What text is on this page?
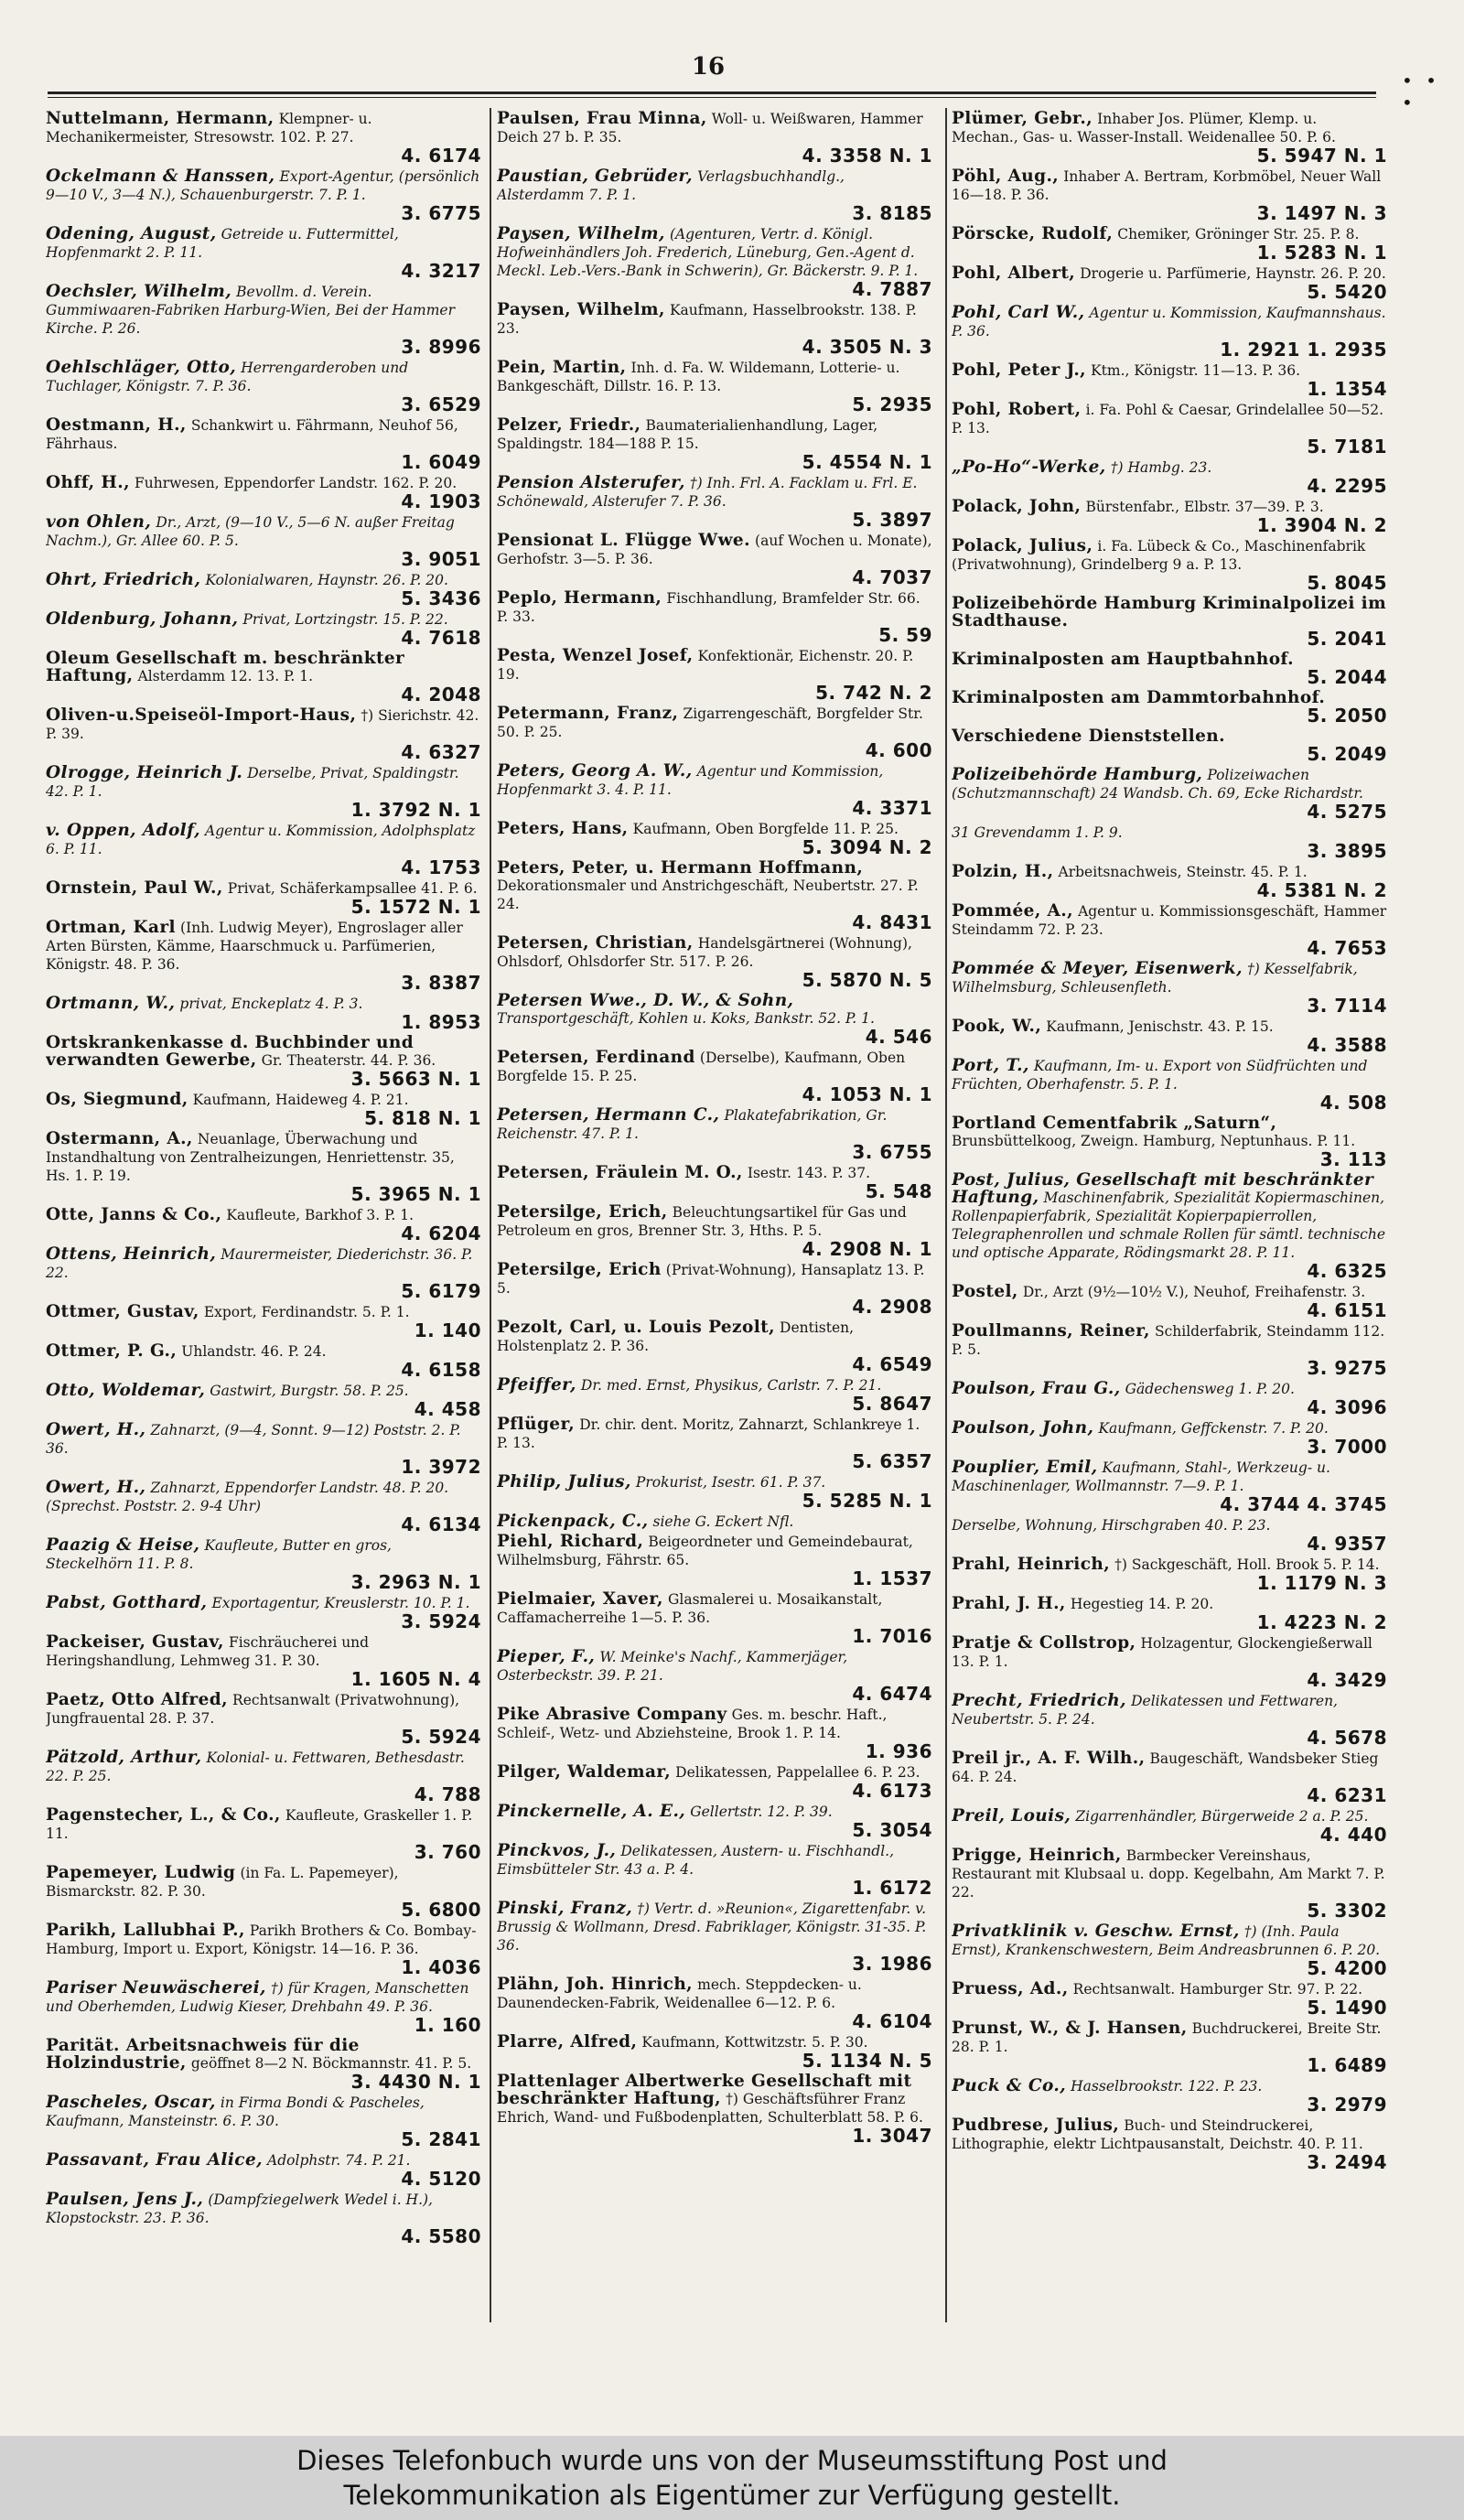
16	• • •
Nuttelmann, Hermann, Klempner- u. Mechanikermeister, Stresowstr. 102. P. 27.
4. 6174
Ockelmann & Hanssen, Export-Agentur, (persönlich 9—10 V., 3—4 N.), Schauenburgerstr. 7. P. 1.
3. 6775
Odening, August, Getreide u. Futtermittel, Hopfenmarkt 2. P. 11.
4. 3217
Oechsler, Wilhelm, Bevollm. d. Verein. Gummiwaaren-Fabriken Harburg-Wien, Bei der Hammer Kirche. P. 26.
3. 8996
Oehlschläger, Otto, Herrengarderoben und Tuchlager, Königstr. 7. P. 36.
3. 6529
Oestmann, H., Schankwirt u. Fährmann, Neuhof 56, Fährhaus.
1. 6049
Ohff, H., Fuhrwesen, Eppendorfer Landstr. 162. P. 20.
4. 1903
von Ohlen, Dr., Arzt, (9—10 V., 5—6 N. außer Freitag Nachm.), Gr. Allee 60. P. 5.
3. 9051
Ohrt, Friedrich, Kolonialwaren, Haynstr. 26. P. 20.
5. 3436
Oldenburg, Johann, Privat, Lortzingstr. 15. P. 22.
4. 7618
Oleum Gesellschaft m. beschränkter Haftung, Alsterdamm 12. 13. P. 1.
4. 2048
Oliven-u.Speiseöl-Import-Haus, †) Sierichstr. 42. P. 39.
4. 6327
Olrogge, Heinrich J. Derselbe, Privat, Spaldingstr. 42. P. 1.
1. 3792 N. 1
v. Oppen, Adolf, Agentur u. Kommission, Adolphsplatz 6. P. 11.
4. 1753
Ornstein, Paul W., Privat, Schäferkampsallee 41. P. 6.
5. 1572 N. 1
Ortman, Karl (Inh. Ludwig Meyer), Engroslager aller Arten Bürsten, Kämme, Haarschmuck u. Parfümerien, Königstr. 48. P. 36.
3. 8387
Ortmann, W., privat, Enckeplatz 4. P. 3.
1. 8953
Ortskrankenkasse d. Buchbinder und verwandten Gewerbe, Gr. Theaterstr. 44. P. 36.
3. 5663 N. 1
Os, Siegmund, Kaufmann, Haideweg 4. P. 21.
5. 818 N. 1
Ostermann, A., Neuanlage, Überwachung und Instandhaltung von Zentralheizungen, Henriettenstr. 35, Hs. 1. P. 19.
5. 3965 N. 1
Otte, Janns & Co., Kaufleute, Barkhof 3. P. 1.
4. 6204
Ottens, Heinrich, Maurermeister, Diederichstr. 36. P. 22.
5. 6179
Ottmer, Gustav, Export, Ferdinandstr. 5. P. 1.
1. 140
Ottmer, P. G., Uhlandstr. 46. P. 24.
4. 6158
Otto, Woldemar, Gastwirt, Burgstr. 58. P. 25.
4. 458
Owert, H., Zahnarzt, (9—4, Sonnt. 9—12) Poststr. 2. P. 36.
1. 3972
Owert, H., Zahnarzt, Eppendorfer Landstr. 48. P. 20. (Sprechst. Poststr. 2. 9-4 Uhr)
4. 6134
Paazig & Heise, Kaufleute, Butter en gros, Steckelhörn 11. P. 8.
3. 2963 N. 1
Pabst, Gotthard, Exportagentur, Kreuslerstr. 10. P. 1.
3. 5924
Packeiser, Gustav, Fischräucherei und Heringshandlung, Lehmweg 31. P. 30.
1. 1605 N. 4
Paetz, Otto Alfred, Rechtsanwalt (Privatwohnung), Jungfrauental 28. P. 37.
5. 5924
Pätzold, Arthur, Kolonial- u. Fettwaren, Bethesdastr. 22. P. 25.
4. 788
Pagenstecher, L., & Co., Kaufleute, Graskeller 1. P. 11.
3. 760
Papemeyer, Ludwig (in Fa. L. Papemeyer), Bismarckstr. 82. P. 30.
5. 6800
Parikh, Lallubhai P., Parikh Brothers & Co. Bombay-Hamburg, Import u. Export, Königstr. 14—16. P. 36.
1. 4036
Pariser Neuwäscherei, †) für Kragen, Manschetten und Oberhemden, Ludwig Kieser, Drehbahn 49. P. 36.
1. 160
Parität. Arbeitsnachweis für die Holzindustrie, geöffnet 8—2 N. Böckmannstr. 41. P. 5.
3. 4430 N. 1
Pascheles, Oscar, in Firma Bondi & Pascheles, Kaufmann, Mansteinstr. 6. P. 30.
5. 2841
Passavant, Frau Alice, Adolphstr. 74. P. 21.
4. 5120
Paulsen, Jens J., (Dampfziegelwerk Wedel i. H.), Klopstockstr. 23. P. 36.
4. 5580
Paulsen, Frau Minna, Woll- u. Weißwaren, Hammer Deich 27 b. P. 35.
4. 3358 N. 1
Paustian, Gebrüder, Verlagsbuchhandlg., Alsterdamm 7. P. 1.
3. 8185
Paysen, Wilhelm, (Agenturen, Vertr. d. Königl. Hofweinhändlers Joh. Frederich, Lüneburg, Gen.-Agent d. Meckl. Leb.-Vers.-Bank in Schwerin), Gr. Bäckerstr. 9. P. 1.
4. 7887
Paysen, Wilhelm, Kaufmann, Hasselbrookstr. 138. P. 23.
4. 3505 N. 3
Pein, Martin, Inh. d. Fa. W. Wildemann, Lotterie- u. Bankgeschäft, Dillstr. 16. P. 13.
5. 2935
Pelzer, Friedr., Baumaterialienhandlung, Lager, Spaldingstr. 184—188 P. 15.
5. 4554 N. 1
Pension Alsterufer, †) Inh. Frl. A. Facklam u. Frl. E. Schönewald, Alsterufer 7. P. 36.
5. 3897
Pensionat L. Flügge Wwe. (auf Wochen u. Monate), Gerhofstr. 3—5. P. 36.
4. 7037
Peplo, Hermann, Fischhandlung, Bramfelder Str. 66. P. 33.
5. 59
Pesta, Wenzel Josef, Konfektionär, Eichenstr. 20. P. 19.
5. 742 N. 2
Petermann, Franz, Zigarrengeschäft, Borgfelder Str. 50. P. 25.
4. 600
Peters, Georg A. W., Agentur und Kommission, Hopfenmarkt 3. 4. P. 11.
4. 3371
Peters, Hans, Kaufmann, Oben Borgfelde 11. P. 25.
5. 3094 N. 2
Peters, Peter, u. Hermann Hoffmann, Dekorationsmaler und Anstrichgeschäft, Neubertstr. 27. P. 24.
4. 8431
Petersen, Christian, Handelsgärtnerei (Wohnung), Ohlsdorf, Ohlsdorfer Str. 517. P. 26.
5. 5870 N. 5
Petersen Wwe., D. W., & Sohn, Transportgeschäft, Kohlen u. Koks, Bankstr. 52. P. 1.
4. 546
Petersen, Ferdinand (Derselbe), Kaufmann, Oben Borgfelde 15. P. 25.
4. 1053 N. 1
Petersen, Hermann C., Plakatefabrikation, Gr. Reichenstr. 47. P. 1.
3. 6755
Petersen, Fräulein M. O., Isestr. 143. P. 37.
5. 548
Petersilge, Erich, Beleuchtungsartikel für Gas und Petroleum en gros, Brenner Str. 3, Hths. P. 5.
4. 2908 N. 1
Petersilge, Erich (Privat-Wohnung), Hansaplatz 13. P. 5.
4. 2908
Pezolt, Carl, u. Louis Pezolt, Dentisten, Holstenplatz 2. P. 36.
4. 6549
Pfeiffer, Dr. med. Ernst, Physikus, Carlstr. 7. P. 21.
5. 8647
Pflüger, Dr. chir. dent. Moritz, Zahnarzt, Schlankreye 1. P. 13.
5. 6357
Philip, Julius, Prokurist, Isestr. 61. P. 37.
5. 5285 N. 1
Pickenpack, C., siehe G. Eckert Nfl.
Piehl, Richard, Beigeordneter und Gemeindebaurat, Wilhelmsburg, Fährstr. 65.
1. 1537
Pielmaier, Xaver, Glasmalerei u. Mosaikanstalt, Caffamacherreihe 1—5. P. 36.
1. 7016
Pieper, F., W. Meinke's Nachf., Kammerjäger, Osterbeckstr. 39. P. 21.
4. 6474
Pike Abrasive Company Ges. m. beschr. Haft., Schleif-, Wetz- und Abziehsteine, Brook 1. P. 14.
1. 936
Pilger, Waldemar, Delikatessen, Pappelallee 6. P. 23.
4. 6173
Pinckernelle, A. E., Gellertstr. 12. P. 39.
5. 3054
Pinckvos, J., Delikatessen, Austern- u. Fischhandl., Eimsbütteler Str. 43 a. P. 4.
1. 6172
Pinski, Franz, †) Vertr. d. »Reunion«, Zigarettenfabr. v. Brussig & Wollmann, Dresd. Fabriklager, Königstr. 31-35. P. 36.
3. 1986
Plähn, Joh. Hinrich, mech. Steppdecken- u. Daunendecken-Fabrik, Weidenallee 6—12. P. 6.
4. 6104
Plarre, Alfred, Kaufmann, Kottwitzstr. 5. P. 30.
5. 1134 N. 5
Plattenlager Albertwerke Gesellschaft mit beschränkter Haftung, †) Geschäftsführer Franz Ehrich, Wand- und Fußbodenplatten, Schulterblatt 58. P. 6.
1. 3047
Plümer, Gebr., Inhaber Jos. Plümer, Klemp. u. Mechan., Gas- u. Wasser-Install. Weidenallee 50. P. 6.
5. 5947 N. 1
Pöhl, Aug., Inhaber A. Bertram, Korbmöbel, Neuer Wall 16—18. P. 36.
3. 1497 N. 3
Pörscke, Rudolf, Chemiker, Gröninger Str. 25. P. 8.
1. 5283 N. 1
Pohl, Albert, Drogerie u. Parfümerie, Haynstr. 26. P. 20.
5. 5420
Pohl, Carl W., Agentur u. Kommission, Kaufmannshaus. P. 36.
1. 2921 1. 2935
Pohl, Peter J., Ktm., Königstr. 11—13. P. 36.
1. 1354
Pohl, Robert, i. Fa. Pohl & Caesar, Grindelallee 50—52. P. 13.
5. 7181
„Po-Ho“-Werke, †) Hambg. 23.
4. 2295
Polack, John, Bürstenfabr., Elbstr. 37—39. P. 3.
1. 3904 N. 2
Polack, Julius, i. Fa. Lübeck & Co., Maschinenfabrik (Privatwohnung), Grindelberg 9 a. P. 13.
5. 8045
Polizeibehörde Hamburg Kriminalpolizei im Stadthause.
5. 2041
Kriminalposten am Hauptbahnhof.
5. 2044
Kriminalposten am Dammtorbahnhof.
5. 2050
Verschiedene Dienststellen.
5. 2049
Polizeibehörde Hamburg, Polizeiwachen (Schutzmannschaft) 24 Wandsb. Ch. 69, Ecke Richardstr.
4. 5275
31 Grevendamm 1. P. 9.
3. 3895
Polzin, H., Arbeitsnachweis, Steinstr. 45. P. 1.
4. 5381 N. 2
Pommée, A., Agentur u. Kommissionsgeschäft, Hammer Steindamm 72. P. 23.
4. 7653
Pommée & Meyer, Eisenwerk, †) Kesselfabrik, Wilhelmsburg, Schleusenfleth.
3. 7114
Pook, W., Kaufmann, Jenischstr. 43. P. 15.
4. 3588
Port, T., Kaufmann, Im- u. Export von Südfrüchten und Früchten, Oberhafenstr. 5. P. 1.
4. 508
Portland Cementfabrik „Saturn“, Brunsbüttelkoog, Zweign. Hamburg, Neptunhaus. P. 11.
3. 113
Post, Julius, Gesellschaft mit beschränkter Haftung, Maschinenfabrik, Spezialität Kopiermaschinen, Rollenpapierfabrik, Spezialität Kopierpapierrollen, Telegraphenrollen und schmale Rollen für sämtl. technische und optische Apparate, Rödingsmarkt 28. P. 11.
4. 6325
Postel, Dr., Arzt (9½—10½ V.), Neuhof, Freihafenstr. 3.
4. 6151
Poullmanns, Reiner, Schilderfabrik, Steindamm 112. P. 5.
3. 9275
Poulson, Frau G., Gädechensweg 1. P. 20.
4. 3096
Poulson, John, Kaufmann, Geffckenstr. 7. P. 20.
3. 7000
Pouplier, Emil, Kaufmann, Stahl-, Werkzeug- u. Maschinenlager, Wollmannstr. 7—9. P. 1.
4. 3744 4. 3745
Derselbe, Wohnung, Hirschgraben 40. P. 23.
4. 9357
Prahl, Heinrich, †) Sackgeschäft, Holl. Brook 5. P. 14.
1. 1179 N. 3
Prahl, J. H., Hegestieg 14. P. 20.
1. 4223 N. 2
Pratje & Collstrop, Holzagentur, Glockengießerwall 13. P. 1.
4. 3429
Precht, Friedrich, Delikatessen und Fettwaren, Neubertstr. 5. P. 24.
4. 5678
Preil jr., A. F. Wilh., Baugeschäft, Wandsbeker Stieg 64. P. 24.
4. 6231
Preil, Louis, Zigarrenhändler, Bürgerweide 2 a. P. 25.
4. 440
Prigge, Heinrich, Barmbecker Vereinshaus, Restaurant mit Klubsaal u. dopp. Kegelbahn, Am Markt 7. P. 22.
5. 3302
Privatklinik v. Geschw. Ernst, †) (Inh. Paula Ernst), Krankenschwestern, Beim Andreasbrunnen 6. P. 20.
5. 4200
Pruess, Ad., Rechtsanwalt. Hamburger Str. 97. P. 22.
5. 1490
Prunst, W., & J. Hansen, Buchdruckerei, Breite Str. 28. P. 1.
1. 6489
Puck & Co., Hasselbrookstr. 122. P. 23.
3. 2979
Pudbrese, Julius, Buch- und Steindruckerei, Lithographie, elektr Lichtpausanstalt, Deichstr. 40. P. 11.
3. 2494
Dieses Telefonbuch wurde uns von der Museumsstiftung Post und
Telekommunikation als Eigentümer zur Verfügung gestellt.
